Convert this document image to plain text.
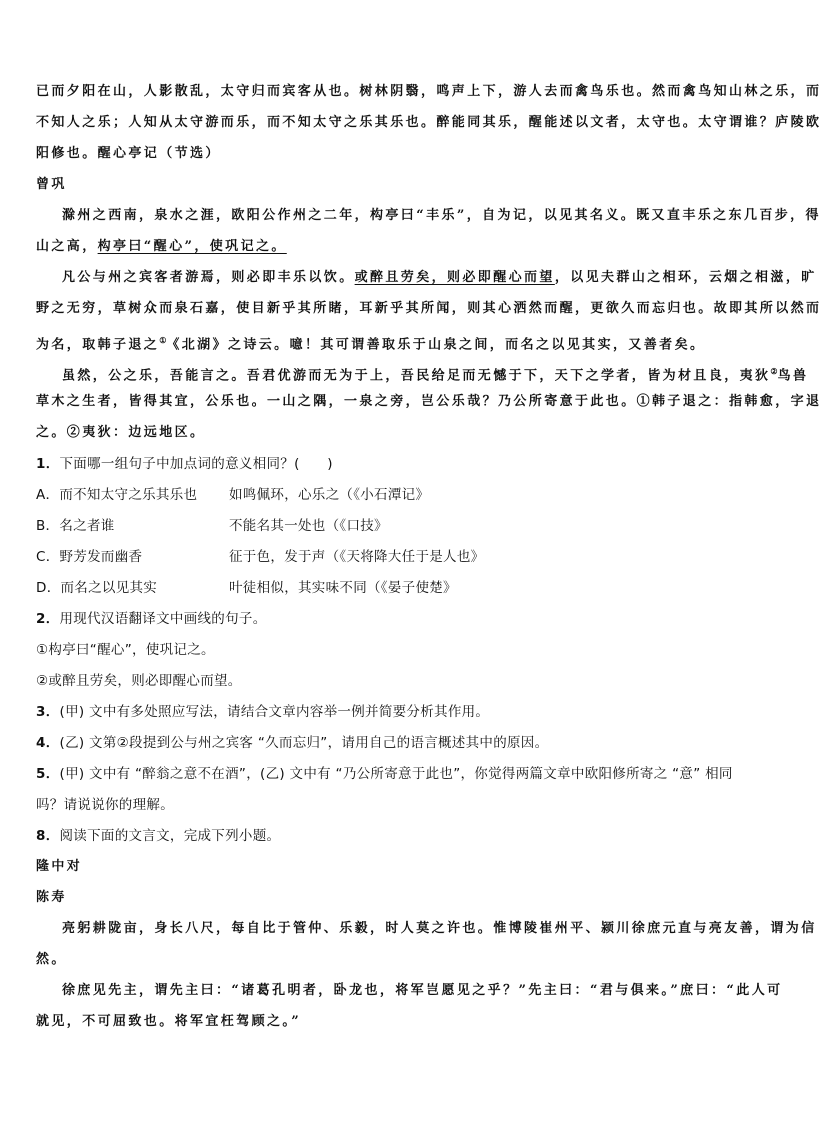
已而夕阳在山，人影散乱，太守归而宾客从也。树林阴翳，鸣声上下，游人去而禽鸟乐也。然而禽鸟知山林之乐，而
不知人之乐；人知从太守游而乐，而不知太守之乐其乐也。醉能同其乐，醒能述以文者，太守也。太守谓谁？庐陵欧
阳修也。醒心亭记（节选）
曾巩
滁州之西南，泉水之涯，欧阳公作州之二年，构亭曰“丰乐”，自为记，以见其名义。既又直丰乐之东几百步，得
山之高，构亭曰“醒心”，使巩记之。
凡公与州之宾客者游焉，则必即丰乐以饮。或醉且劳矣，则必即醒心而望，以见夫群山之相环，云烟之相滋，旷
野之无穷，草树众而泉石嘉，使目新乎其所睹，耳新乎其所闻，则其心洒然而醒，更欲久而忘归也。故即其所以然而
为名，取韩子退之①《北湖》之诗云。噫！其可谓善取乐于山泉之间，而名之以见其实，又善者矣。
虽然，公之乐，吾能言之。吾君优游而无为于上，吾民给足而无憾于下，天下之学者，皆为材且良，夷狄②鸟兽
草木之生者，皆得其宜，公乐也。一山之隅，一泉之旁，岂公乐哉？乃公所寄意于此也。①韩子退之：指韩愈，字退
之。②夷狄：边远地区。
1．下面哪一组句子中加点词的意义相同？(　　)
A．而不知太守之乐其乐也 如鸣佩环，心乐之（《小石潭记》
B．名之者谁	不能名其一处也（《口技》
C．野芳发而幽香	征于色，发于声（《天将降大任于是人也》
D．而名之以见其实	叶徒相似，其实味不同（《晏子使楚》
2．用现代汉语翻译文中画线的句子。
①构亭曰“醒心”，使巩记之。
②或醉且劳矣，则必即醒心而望。
3．(甲) 文中有多处照应写法，请结合文章内容举一例并简要分析其作用。
4．(乙) 文第②段提到公与州之宾客 “久而忘归”，请用自己的语言概述其中的原因。
5．(甲) 文中有 “醉翁之意不在酒”，(乙) 文中有 “乃公所寄意于此也”，你觉得两篇文章中欧阳修所寄之 “意” 相同
吗？请说说你的理解。
8．阅读下面的文言文，完成下列小题。
隆中对
陈寿
亮躬耕陇亩，身长八尺，每自比于管仲、乐毅，时人莫之许也。惟博陵崔州平、颍川徐庶元直与亮友善，谓为信
然。
徐庶见先主，谓先主曰：“诸葛孔明者，卧龙也，将军岂愿见之乎？”先主曰：“君与俱来。”庶曰：“此人可
就见，不可屈致也。将军宜枉驾顾之。”
